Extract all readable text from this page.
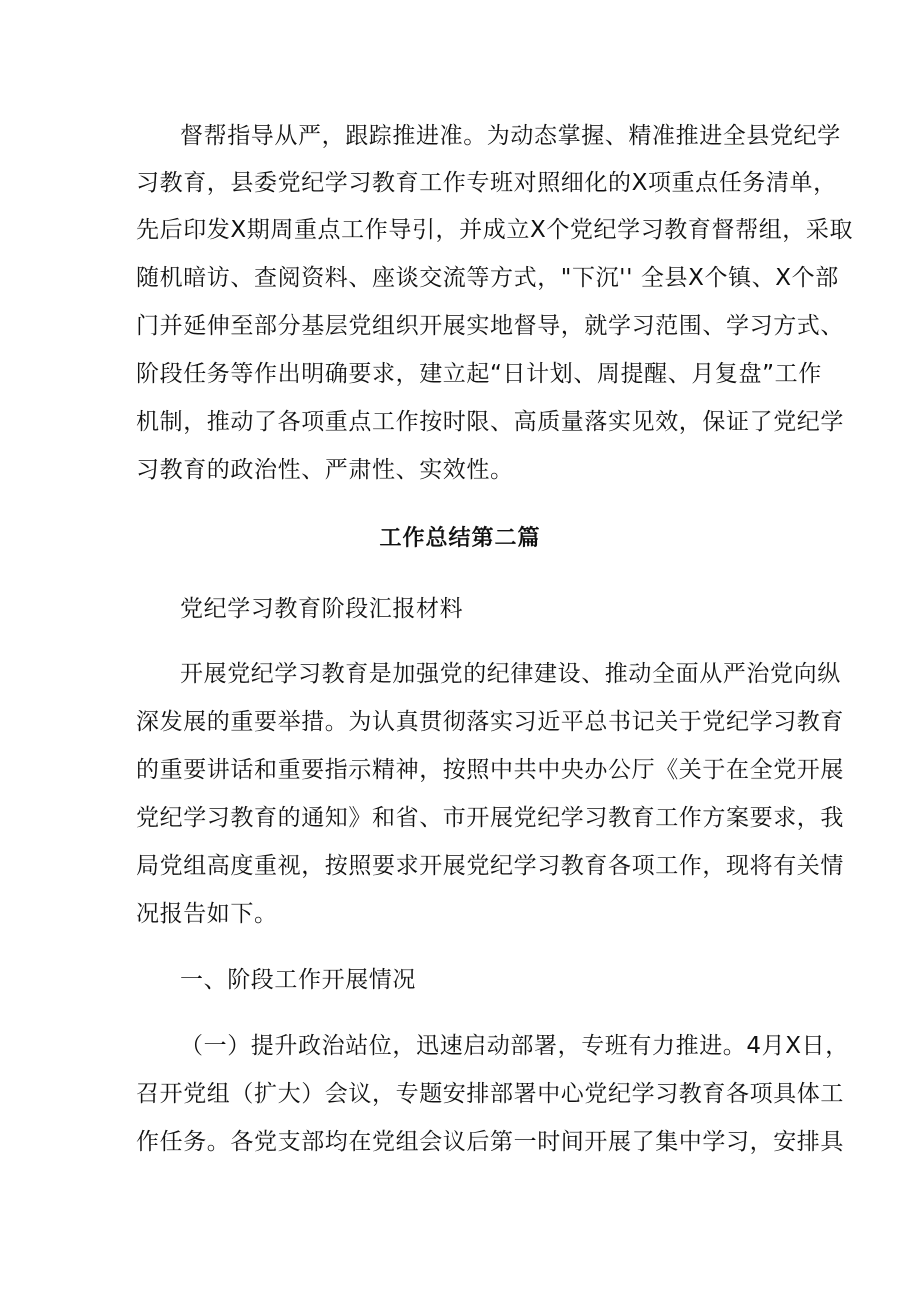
督帮指导从严，跟踪推进准。为动态掌握、精准推进全县党纪学
习教育，县委党纪学习教育工作专班对照细化的X项重点任务清单，
先后印发X期周重点工作导引，并成立X个党纪学习教育督帮组，采取
随机暗访、查阅资料、座谈交流等方式，"下沉'' 全县X个镇、X个部
门并延伸至部分基层党组织开展实地督导，就学习范围、学习方式、
阶段任务等作出明确要求，建立起“日计划、周提醒、月复盘”工作
机制，推动了各项重点工作按时限、高质量落实见效，保证了党纪学
习教育的政治性、严肃性、实效性。
工作总结第二篇
党纪学习教育阶段汇报材料
开展党纪学习教育是加强党的纪律建设、推动全面从严治党向纵
深发展的重要举措。为认真贯彻落实习近平总书记关于党纪学习教育
的重要讲话和重要指示精神，按照中共中央办公厅《关于在全党开展
党纪学习教育的通知》和省、市开展党纪学习教育工作方案要求，我
局党组高度重视，按照要求开展党纪学习教育各项工作，现将有关情
况报告如下。
一、阶段工作开展情况
（一）提升政治站位，迅速启动部署，专班有力推进。4月X日，
召开党组（扩大）会议，专题安排部署中心党纪学习教育各项具体工
作任务。各党支部均在党组会议后第一时间开展了集中学习，安排具
